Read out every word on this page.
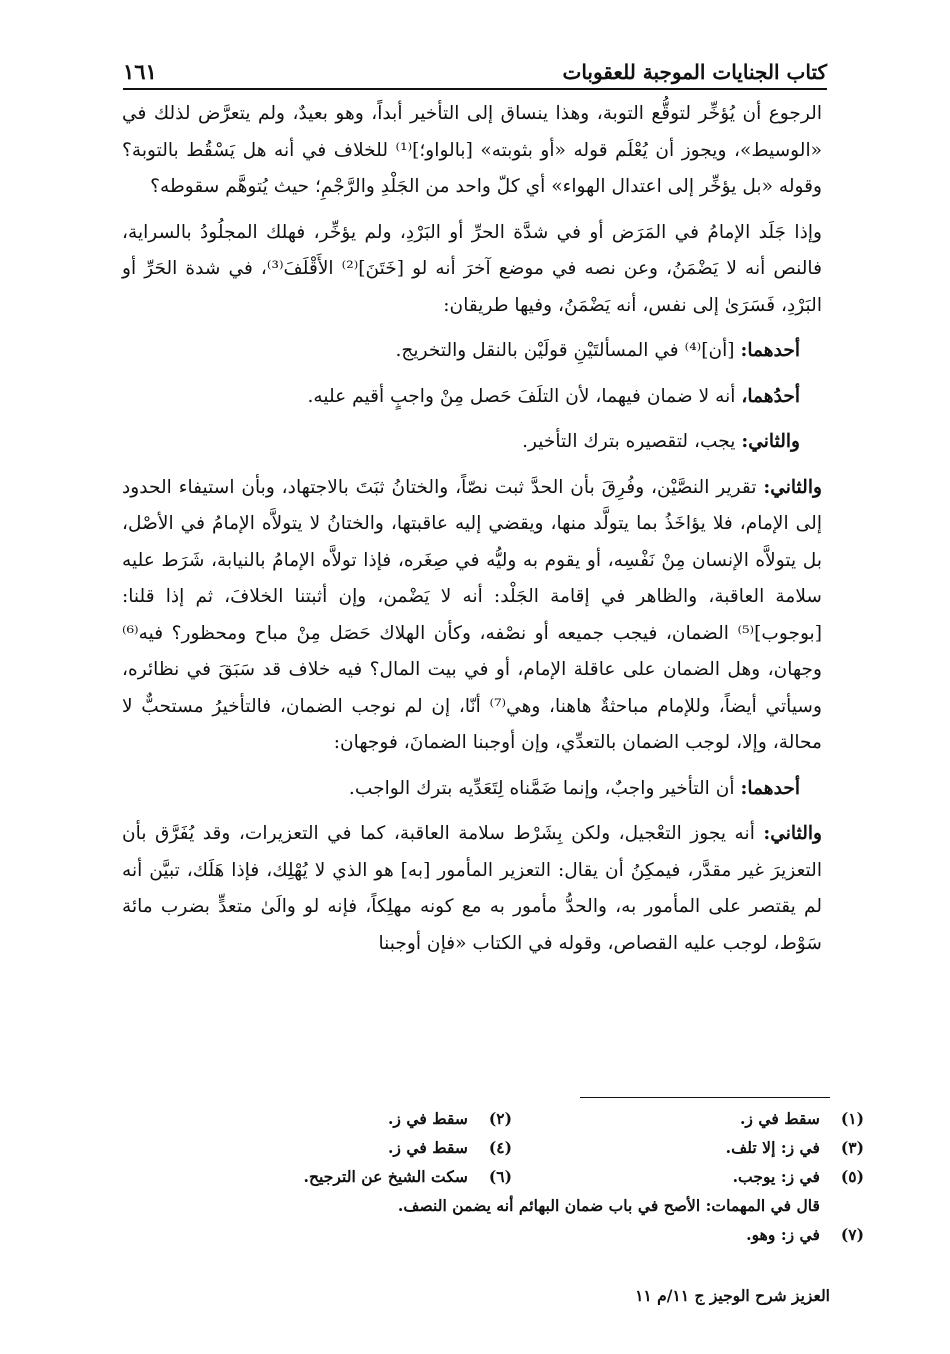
كتاب الجنايات الموجبة للعقوبات
١٦١

الرجوع أن يُؤخِّر لتوقُّع التوبة، وهذا ينساق إلى التأخير أبداً، وهو بعيدٌ، ولم يتعرَّض لذلك في «الوسيط»، ويجوز أن يُعْلَم قوله «أو بثوبته» [بالواو؛]⁽¹⁾ للخلاف في أنه هل يَسْقُط بالتوبة؟ وقوله «بل يؤخِّر إلى اعتدال الهواء» أي كلّ واحد من الجَلْدِ والرَّجْمِ؛ حيث يُتوهَّم سقوطه؟

وإذا جَلَد الإمامُ في المَرَض أو في شدَّة الحرِّ أو البَرْدِ، ولم يؤخِّر، فهلك المجلُودُ بالسراية، فالنص أنه لا يَضْمَنُ، وعن نصه في موضع آخرَ أنه لو [خَتَنَ]⁽²⁾ الأَقْلَفَ⁽³⁾، في شدة الحَرِّ أو البَرْدِ، فَسَرَىٰ إلى نفس، أنه يَضْمَنُ، وفيها طريقان:

أحدهما: [أن]⁽⁴⁾ في المسألتَيْنِ قولَيْن بالنقل والتخريج.

أحدُهما، أنه لا ضمان فيهما، لأن التلَفَ حَصل مِنْ واجبٍ أقيم عليه.

والثاني: يجب، لتقصيره بترك التأخير.

والثاني: تقرير النصَّيْن، وفُرِقَ بأن الحدَّ ثبت نصّاً، والختانُ ثبَتَ بالاجتهاد، وبأن استيفاء الحدود إلى الإمام، فلا يؤاخَذُ بما يتولَّد منها، ويقضي إليه عاقبتها، والختانُ لا يتولاَّه الإمامُ في الأصْل، بل يتولاَّه الإنسان مِنْ نَفْسِه، أو يقوم به وليُّه في صِغَره، فإذا تولاَّه الإمامُ بالنيابة، شَرَط عليه سلامة العاقبة، والظاهر في إقامة الجَلْد: أنه لا يَضْمن، وإن أثبتنا الخلافَ، ثم إذا قلنا: [بوجوب]⁽⁵⁾ الضمان، فيجب جميعه أو نصْفه، وكأن الهلاك حَصَل مِنْ مباح ومحظور؟ فيه⁽⁶⁾ وجهان، وهل الضمان على عاقلة الإمام، أو في بيت المال؟ فيه خلاف قد سَبَقَ في نظائره، وسيأتي أيضاً، وللإمام مباحثةٌ هاهنا، وهي⁽⁷⁾ أنّا، إن لم نوجب الضمان، فالتأخيرُ مستحبٌّ لا محالة، وإلا، لوجب الضمان بالتعدِّي، وإن أوجبنا الضمانَ، فوجهان:

أحدهما: أن التأخير واجبٌ، وإنما ضَمَّناه لِتَعَدِّيه بترك الواجب.

والثاني: أنه يجوز التعْجيل، ولكن بِشَرْط سلامة العاقبة، كما في التعزيرات، وقد يُفَرَّق بأن التعزيرَ غير مقدَّر، فيمكِنُ أن يقال: التعزير المأمور [به] هو الذي لا يُهْلِك، فإذا هَلَك، تبيَّن أنه لم يقتصر على المأمور به، والحدُّ مأمور به مع كونه مهلِكاً، فإنه لو والَىٰ متعدٍّ بضرب مائة سَوْط، لوجب عليه القصاص، وقوله في الكتاب «فإن أوجبنا

(١)
سقط في ز.
(٢)
سقط في ز.
(٣)
في ز: إلا تلف.
(٤)
سقط في ز.
(٥)
في ز: يوجب.
(٦)
سكت الشيخ عن الترجيح.
قال في المهمات: الأصح في باب ضمان البهائم أنه يضمن النصف.
(٧)
في ز: وهو.
العزيز شرح الوجيز ج ١١/م ١١
